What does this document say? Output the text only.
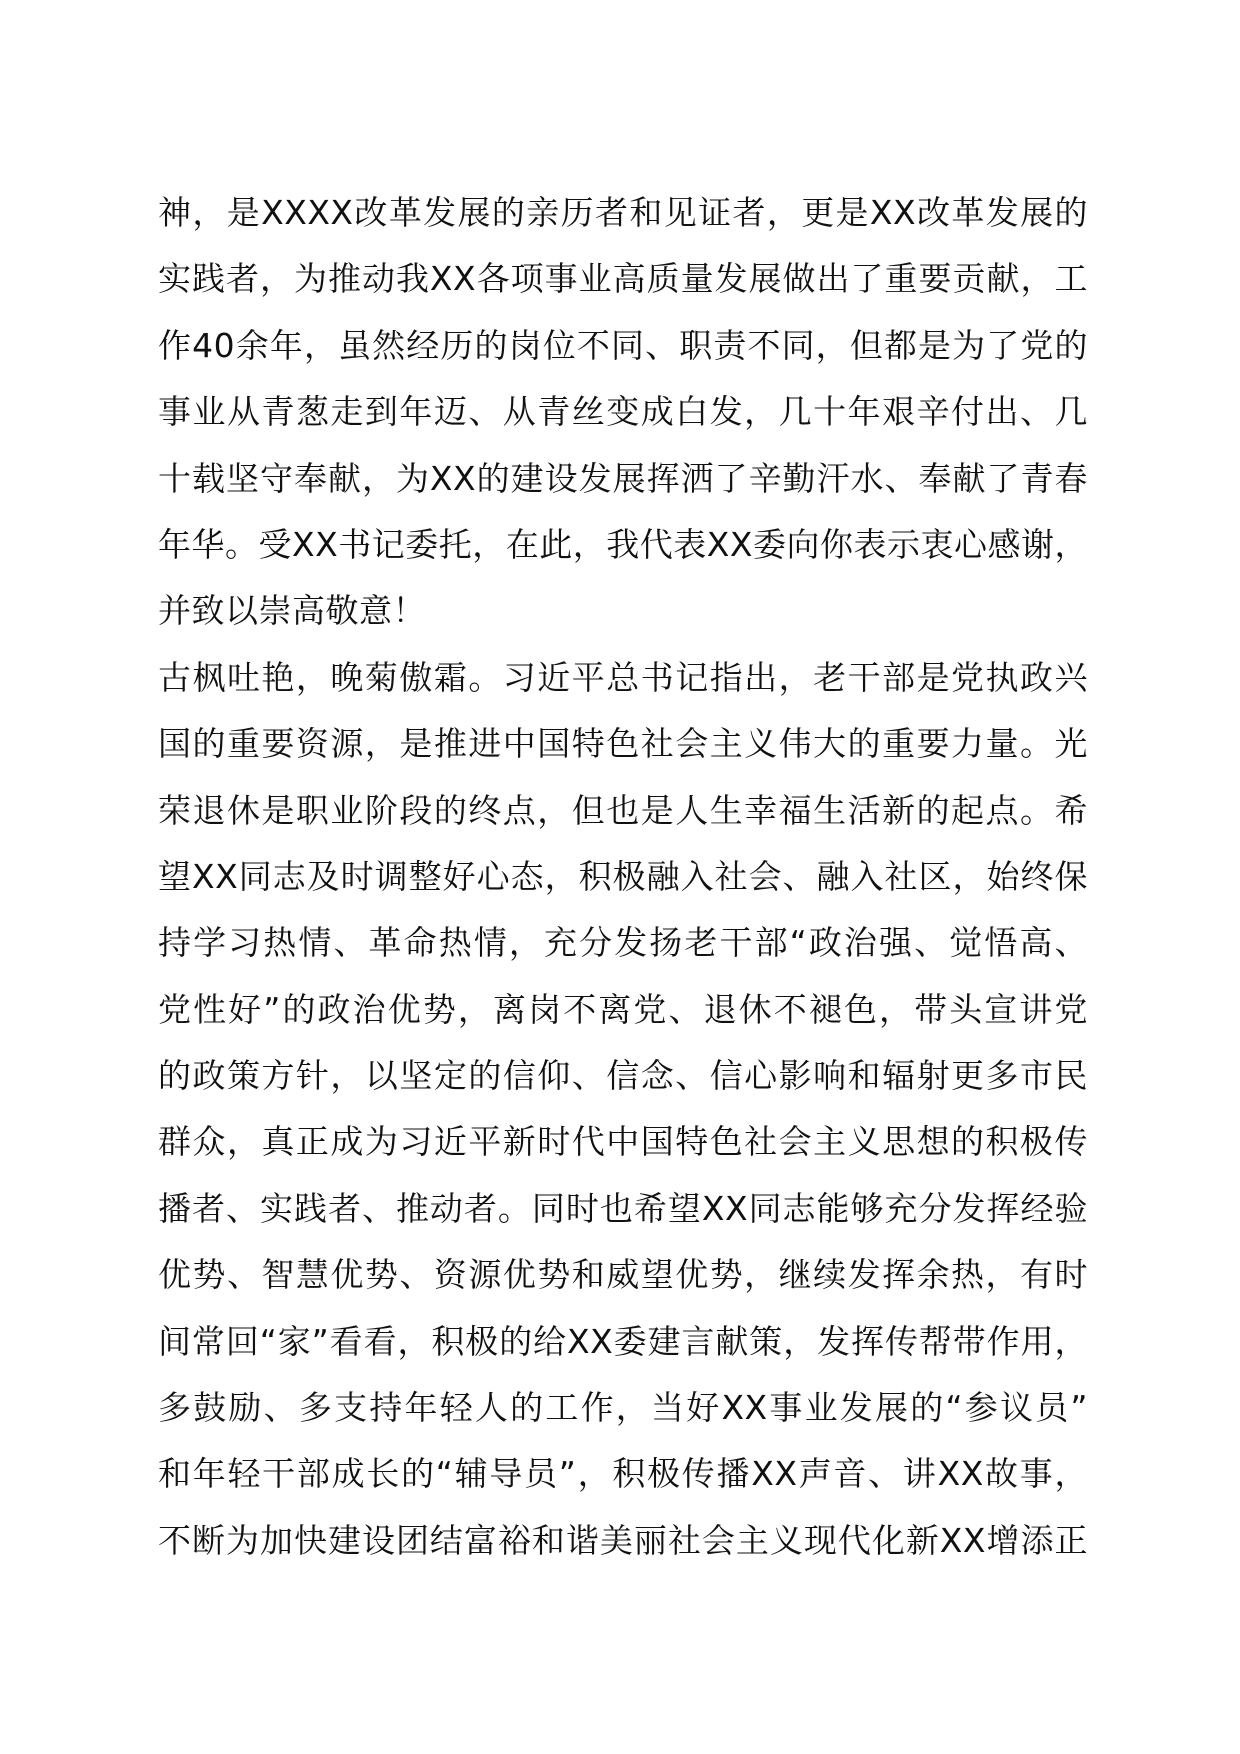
神，是XXXX改革发展的亲历者和见证者，更是XX改革发展的
实践者，为推动我XX各项事业高质量发展做出了重要贡献，工
作40余年，虽然经历的岗位不同、职责不同，但都是为了党的
事业从青葱走到年迈、从青丝变成白发，几十年艰辛付出、几
十载坚守奉献，为XX的建设发展挥洒了辛勤汗水、奉献了青春
年华。受XX书记委托，在此，我代表XX委向你表示衷心感谢，
并致以崇高敬意！
古枫吐艳，晚菊傲霜。习近平总书记指出，老干部是党执政兴
国的重要资源，是推进中国特色社会主义伟大的重要力量。光
荣退休是职业阶段的终点，但也是人生幸福生活新的起点。希
望XX同志及时调整好心态，积极融入社会、融入社区，始终保
持学习热情、革命热情，充分发扬老干部“政治强、觉悟高、
党性好”的政治优势，离岗不离党、退休不褪色，带头宣讲党
的政策方针，以坚定的信仰、信念、信心影响和辐射更多市民
群众，真正成为习近平新时代中国特色社会主义思想的积极传
播者、实践者、推动者。同时也希望XX同志能够充分发挥经验
优势、智慧优势、资源优势和威望优势，继续发挥余热，有时
间常回“家”看看，积极的给XX委建言献策，发挥传帮带作用，
多鼓励、多支持年轻人的工作，当好XX事业发展的“参议员”
和年轻干部成长的“辅导员”，积极传播XX声音、讲XX故事，
不断为加快建设团结富裕和谐美丽社会主义现代化新XX增添正
